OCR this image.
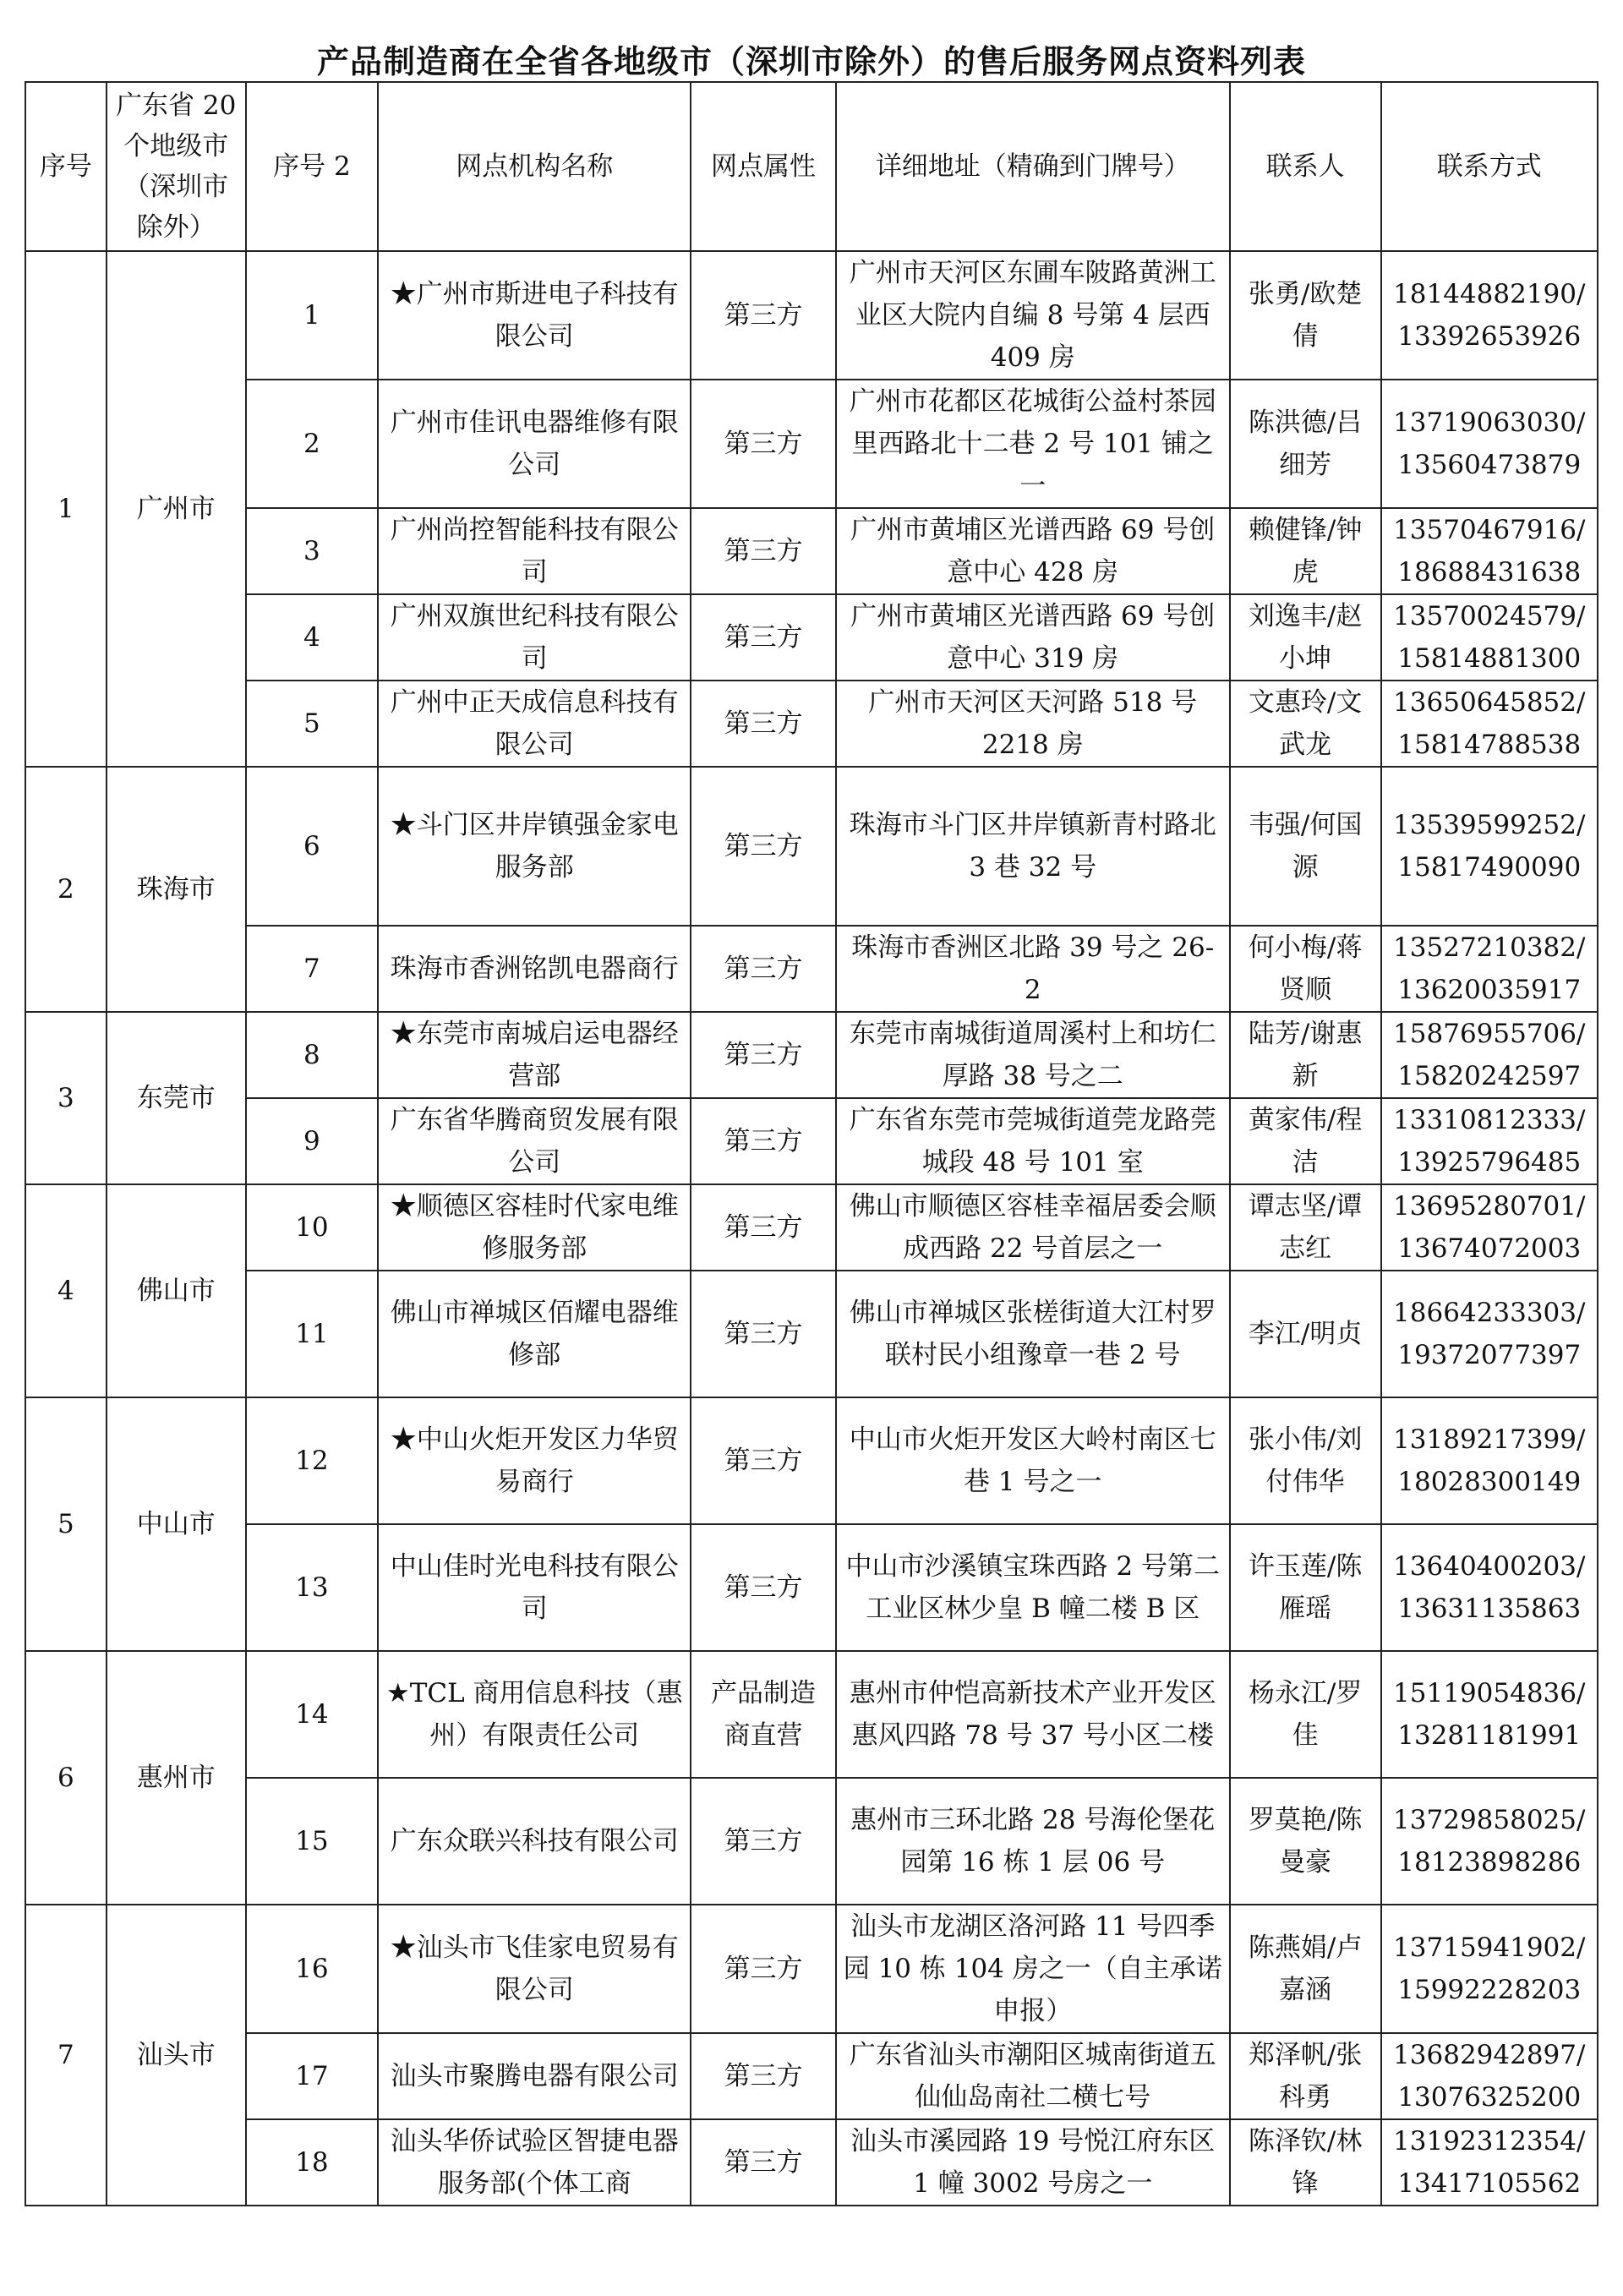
产品制造商在全省各地级市（深圳市除外）的售后服务网点资料列表
序号	广东省 20 个地级市（深圳市除外）	序号 2	网点机构名称	网点属性	详细地址（精确到门牌号）	联系人	联系方式
1	广州市	1	★广州市斯进电子科技有限公司	第三方	广州市天河区东圃车陂路黄洲工业区大院内自编 8 号第 4 层西 409 房	张勇/欧楚倩	18144882190/ 13392653926
		2	广州市佳讯电器维修有限公司	第三方	广州市花都区花城街公益村茶园里西路北十二巷 2 号 101 铺之一	陈洪德/吕细芳	13719063030/ 13560473879
		3	广州尚控智能科技有限公司	第三方	广州市黄埔区光谱西路 69 号创意中心 428 房	赖健锋/钟虎	13570467916/ 18688431638
		4	广州双旗世纪科技有限公司	第三方	广州市黄埔区光谱西路 69 号创意中心 319 房	刘逸丰/赵小坤	13570024579/ 15814881300
		5	广州中正天成信息科技有限公司	第三方	广州市天河区天河路 518 号 2218 房	文惠玲/文武龙	13650645852/ 15814788538
2	珠海市	6	★斗门区井岸镇强金家电服务部	第三方	珠海市斗门区井岸镇新青村路北 3 巷 32 号	韦强/何国源	13539599252/ 15817490090
		7	珠海市香洲铭凯电器商行	第三方	珠海市香洲区北路 39 号之 26-2	何小梅/蒋贤顺	13527210382/ 13620035917
3	东莞市	8	★东莞市南城启运电器经营部	第三方	东莞市南城街道周溪村上和坊仁厚路 38 号之二	陆芳/谢惠新	15876955706/ 15820242597
		9	广东省华腾商贸发展有限公司	第三方	广东省东莞市莞城街道莞龙路莞城段 48 号 101 室	黄家伟/程洁	13310812333/ 13925796485
4	佛山市	10	★顺德区容桂时代家电维修服务部	第三方	佛山市顺德区容桂幸福居委会顺成西路 22 号首层之一	谭志坚/谭志红	13695280701/ 13674072003
		11	佛山市禅城区佰耀电器维修部	第三方	佛山市禅城区张槎街道大江村罗联村民小组豫章一巷 2 号	李江/明贞	18664233303/ 19372077397
5	中山市	12	★中山火炬开发区力华贸易商行	第三方	中山市火炬开发区大岭村南区七巷 1 号之一	张小伟/刘付伟华	13189217399/ 18028300149
		13	中山佳时光电科技有限公司	第三方	中山市沙溪镇宝珠西路 2 号第二工业区林少皇 B 幢二楼 B 区	许玉莲/陈雁瑶	13640400203/ 13631135863
6	惠州市	14	★TCL 商用信息科技（惠州）有限责任公司	产品制造商直营	惠州市仲恺高新技术产业开发区惠风四路 78 号 37 号小区二楼	杨永江/罗佳	15119054836/ 13281181991
		15	广东众联兴科技有限公司	第三方	惠州市三环北路 28 号海伦堡花园第 16 栋 1 层 06 号	罗莫艳/陈曼豪	13729858025/ 18123898286
7	汕头市	16	★汕头市飞佳家电贸易有限公司	第三方	汕头市龙湖区洛河路 11 号四季园 10 栋 104 房之一（自主承诺申报）	陈燕娟/卢嘉涵	13715941902/ 15992228203
		17	汕头市聚腾电器有限公司	第三方	广东省汕头市潮阳区城南街道五仙仙岛南社二横七号	郑泽帆/张科勇	13682942897/ 13076325200
		18	汕头华侨试验区智捷电器服务部(个体工商	第三方	汕头市溪园路 19 号悦江府东区 1 幢 3002 号房之一	陈泽钦/林锋	13192312354/ 13417105562
